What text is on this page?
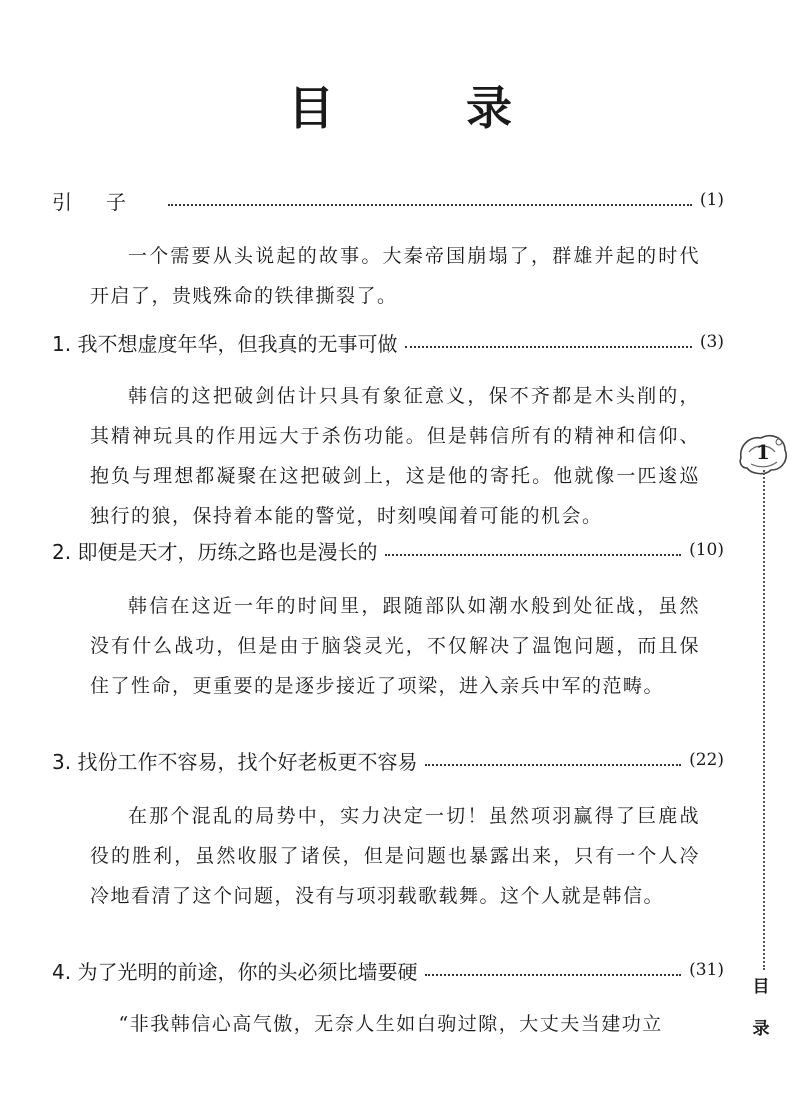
目 录
引子	(1)
一个需要从头说起的故事。大秦帝国崩塌了，群雄并起的时代开启了，贵贱殊命的铁律撕裂了。
1. 我不想虚度年华，但我真的无事可做	(3)
韩信的这把破剑估计只具有象征意义，保不齐都是木头削的，其精神玩具的作用远大于杀伤功能。但是韩信所有的精神和信仰、抱负与理想都凝聚在这把破剑上，这是他的寄托。他就像一匹逡巡独行的狼，保持着本能的警觉，时刻嗅闻着可能的机会。
2. 即便是天才，历练之路也是漫长的	(10)
韩信在这近一年的时间里，跟随部队如潮水般到处征战，虽然没有什么战功，但是由于脑袋灵光，不仅解决了温饱问题，而且保住了性命，更重要的是逐步接近了项梁，进入亲兵中军的范畴。
3. 找份工作不容易，找个好老板更不容易	(22)
在那个混乱的局势中，实力决定一切！虽然项羽赢得了巨鹿战役的胜利，虽然收服了诸侯，但是问题也暴露出来，只有一个人冷冷地看清了这个问题，没有与项羽载歌载舞。这个人就是韩信。
4. 为了光明的前途，你的头必须比墙要硬	(31)
“非我韩信心高气傲，无奈人生如白驹过隙，大丈夫当建功立
1
目
录
